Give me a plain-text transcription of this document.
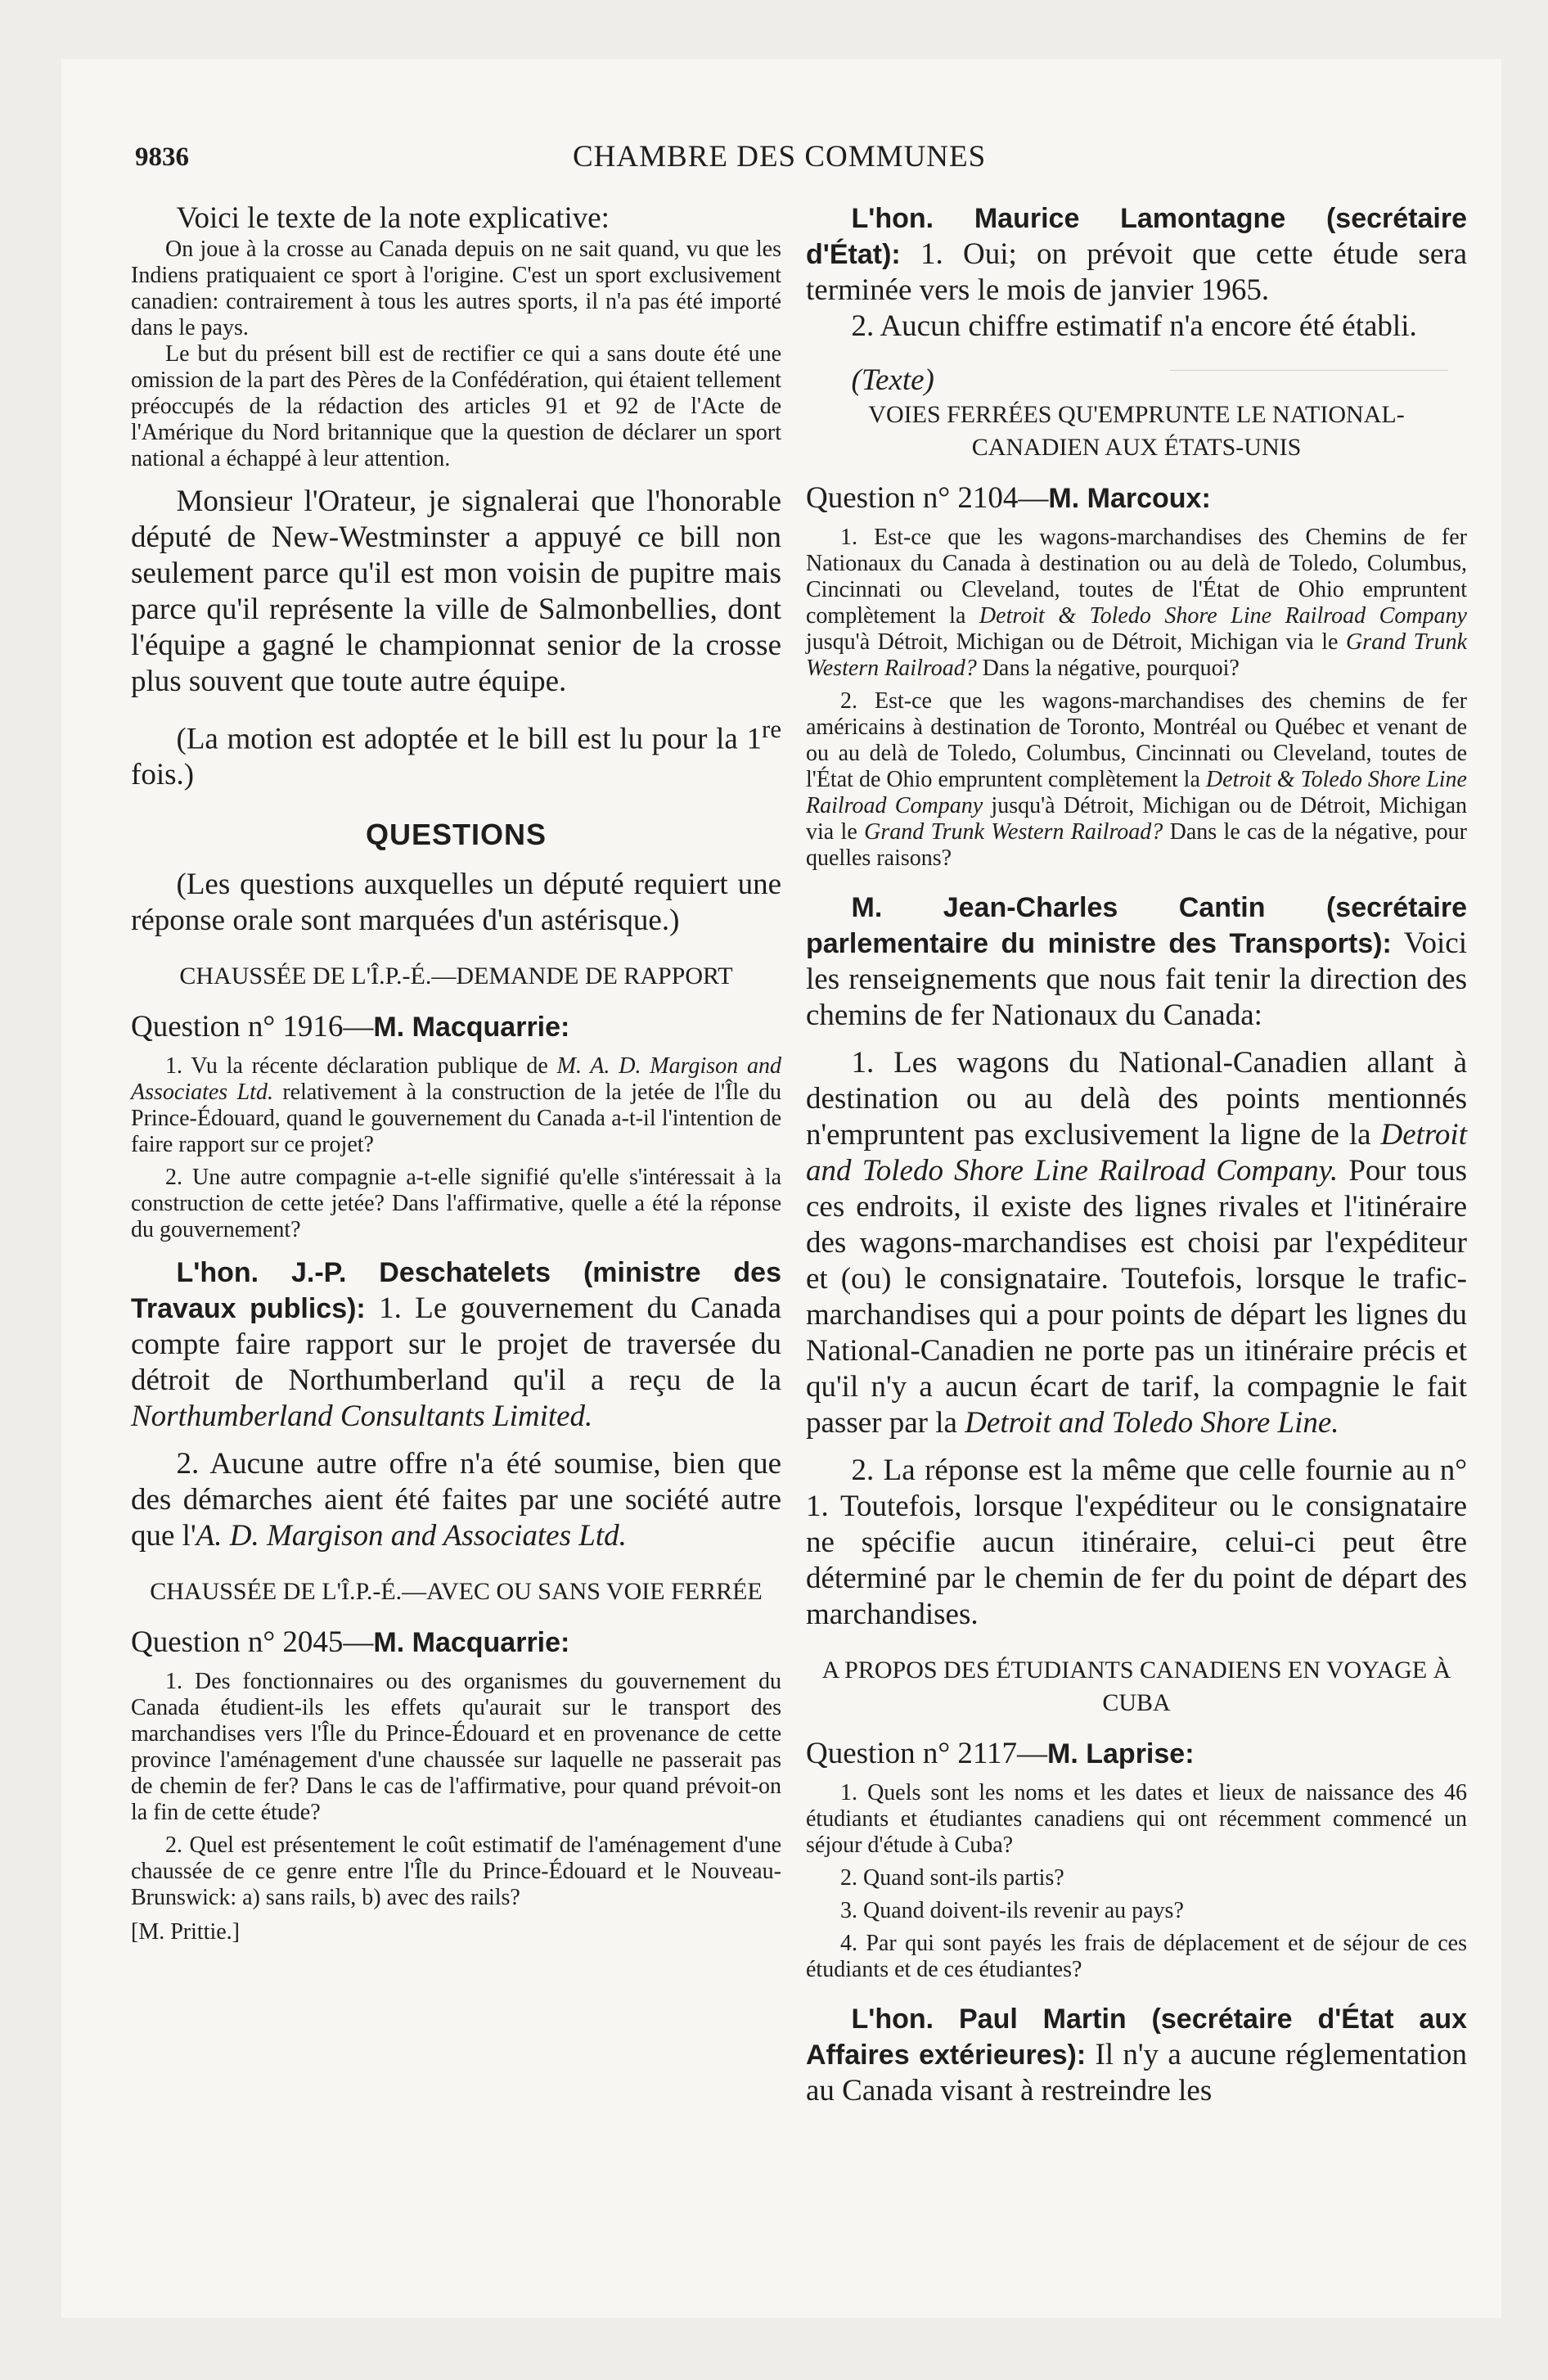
9836	CHAMBRE DES COMMUNES

Voici le texte de la note explicative:

On joue à la crosse au Canada depuis on ne sait quand, vu que les Indiens pratiquaient ce sport à l'origine. C'est un sport exclusivement canadien: contrairement à tous les autres sports, il n'a pas été importé dans le pays.

Le but du présent bill est de rectifier ce qui a sans doute été une omission de la part des Pères de la Confédération, qui étaient tellement préoccupés de la rédaction des articles 91 et 92 de l'Acte de l'Amérique du Nord britannique que la question de déclarer un sport national a échappé à leur attention.

Monsieur l'Orateur, je signalerai que l'honorable député de New-Westminster a appuyé ce bill non seulement parce qu'il est mon voisin de pupitre mais parce qu'il représente la ville de Salmonbellies, dont l'équipe a gagné le championnat senior de la crosse plus souvent que toute autre équipe.

(La motion est adoptée et le bill est lu pour la 1re fois.)

QUESTIONS

(Les questions auxquelles un député requiert une réponse orale sont marquées d'un astérisque.)

CHAUSSÉE DE L'Î.P.-É.—DEMANDE DE RAPPORT

Question n° 1916—M. Macquarrie:

1. Vu la récente déclaration publique de M. A. D. Margison and Associates Ltd. relativement à la construction de la jetée de l'Île du Prince-Édouard, quand le gouvernement du Canada a-t-il l'intention de faire rapport sur ce projet?

2. Une autre compagnie a-t-elle signifié qu'elle s'intéressait à la construction de cette jetée? Dans l'affirmative, quelle a été la réponse du gouvernement?

L'hon. J.-P. Deschatelets (ministre des Travaux publics): 1. Le gouvernement du Canada compte faire rapport sur le projet de traversée du détroit de Northumberland qu'il a reçu de la Northumberland Consultants Limited.

2. Aucune autre offre n'a été soumise, bien que des démarches aient été faites par une société autre que l'A. D. Margison and Associates Ltd.

CHAUSSÉE DE L'Î.P.-É.—AVEC OU SANS VOIE FERRÉE

Question n° 2045—M. Macquarrie:

1. Des fonctionnaires ou des organismes du gouvernement du Canada étudient-ils les effets qu'aurait sur le transport des marchandises vers l'Île du Prince-Édouard et en provenance de cette province l'aménagement d'une chaussée sur laquelle ne passerait pas de chemin de fer? Dans le cas de l'affirmative, pour quand prévoit-on la fin de cette étude?

2. Quel est présentement le coût estimatif de l'aménagement d'une chaussée de ce genre entre l'Île du Prince-Édouard et le Nouveau-Brunswick: a) sans rails, b) avec des rails?

[M. Prittie.]

L'hon. Maurice Lamontagne (secrétaire d'État): 1. Oui; on prévoit que cette étude sera terminée vers le mois de janvier 1965.

2. Aucun chiffre estimatif n'a encore été établi.

(Texte)

VOIES FERRÉES QU'EMPRUNTE LE NATIONAL-CANADIEN AUX ÉTATS-UNIS

Question n° 2104—M. Marcoux:

1. Est-ce que les wagons-marchandises des Chemins de fer Nationaux du Canada à destination ou au delà de Toledo, Columbus, Cincinnati ou Cleveland, toutes de l'État de Ohio empruntent complètement la Detroit & Toledo Shore Line Railroad Company jusqu'à Détroit, Michigan ou de Détroit, Michigan via le Grand Trunk Western Railroad? Dans la négative, pourquoi?

2. Est-ce que les wagons-marchandises des chemins de fer américains à destination de Toronto, Montréal ou Québec et venant de ou au delà de Toledo, Columbus, Cincinnati ou Cleveland, toutes de l'État de Ohio empruntent complètement la Detroit & Toledo Shore Line Railroad Company jusqu'à Détroit, Michigan ou de Détroit, Michigan via le Grand Trunk Western Railroad? Dans le cas de la négative, pour quelles raisons?

M. Jean-Charles Cantin (secrétaire parlementaire du ministre des Transports): Voici les renseignements que nous fait tenir la direction des chemins de fer Nationaux du Canada:

1. Les wagons du National-Canadien allant à destination ou au delà des points mentionnés n'empruntent pas exclusivement la ligne de la Detroit and Toledo Shore Line Railroad Company. Pour tous ces endroits, il existe des lignes rivales et l'itinéraire des wagons-marchandises est choisi par l'expéditeur et (ou) le consignataire. Toutefois, lorsque le trafic-marchandises qui a pour points de départ les lignes du National-Canadien ne porte pas un itinéraire précis et qu'il n'y a aucun écart de tarif, la compagnie le fait passer par la Detroit and Toledo Shore Line.

2. La réponse est la même que celle fournie au n° 1. Toutefois, lorsque l'expéditeur ou le consignataire ne spécifie aucun itinéraire, celui-ci peut être déterminé par le chemin de fer du point de départ des marchandises.

A PROPOS DES ÉTUDIANTS CANADIENS EN VOYAGE À CUBA

Question n° 2117—M. Laprise:

1. Quels sont les noms et les dates et lieux de naissance des 46 étudiants et étudiantes canadiens qui ont récemment commencé un séjour d'étude à Cuba?

2. Quand sont-ils partis?

3. Quand doivent-ils revenir au pays?

4. Par qui sont payés les frais de déplacement et de séjour de ces étudiants et de ces étudiantes?

L'hon. Paul Martin (secrétaire d'État aux Affaires extérieures): Il n'y a aucune réglementation au Canada visant à restreindre les
